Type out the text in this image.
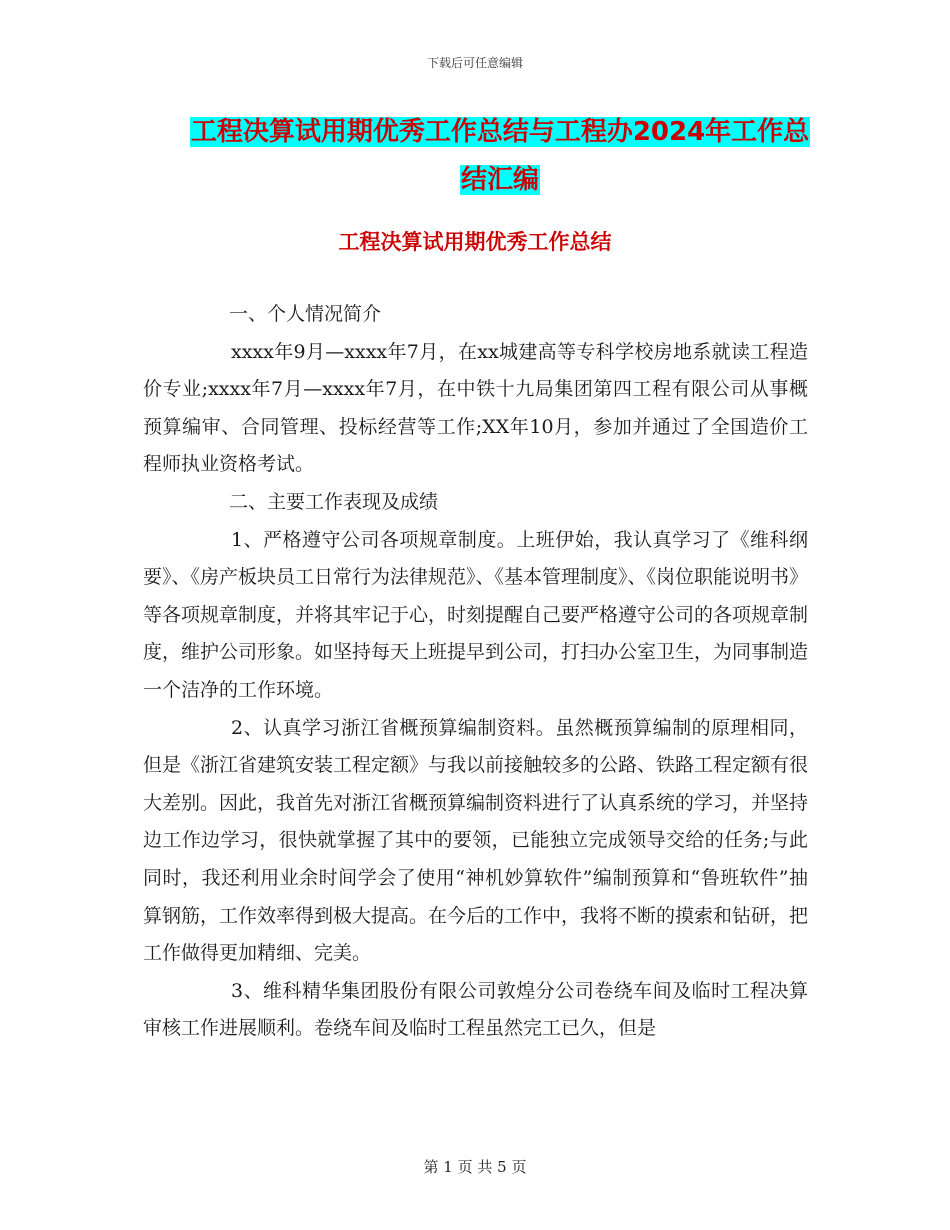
下载后可任意编辑
工程决算试用期优秀工作总结与工程办2024年工作总
结汇编
工程决算试用期优秀工作总结

一、个人情况简介

xxxx年9月—xxxx年7月，在xx城建高等专科学校房地系就读工程造价专业;xxxx年7月—xxxx年7月，在中铁十九局集团第四工程有限公司从事概预算编审、合同管理、投标经营等工作;XX年10月，参加并通过了全国造价工程师执业资格考试。

二、主要工作表现及成绩

1、严格遵守公司各项规章制度。上班伊始，我认真学习了《维科纲要》、《房产板块员工日常行为法律规范》、《基本管理制度》、《岗位职能说明书》等各项规章制度，并将其牢记于心，时刻提醒自己要严格遵守公司的各项规章制度，维护公司形象。如坚持每天上班提早到公司，打扫办公室卫生，为同事制造一个洁净的工作环境。

2、认真学习浙江省概预算编制资料。虽然概预算编制的原理相同，但是《浙江省建筑安装工程定额》与我以前接触较多的公路、铁路工程定额有很大差别。因此，我首先对浙江省概预算编制资料进行了认真系统的学习，并坚持边工作边学习，很快就掌握了其中的要领，已能独立完成领导交给的任务;与此同时，我还利用业余时间学会了使用“神机妙算软件”编制预算和“鲁班软件”抽算钢筋，工作效率得到极大提高。在今后的工作中，我将不断的摸索和钻研，把工作做得更加精细、完美。

3、维科精华集团股份有限公司敦煌分公司卷绕车间及临时工程决算审核工作进展顺利。卷绕车间及临时工程虽然完工已久，但是

第 1 页 共 5 页
